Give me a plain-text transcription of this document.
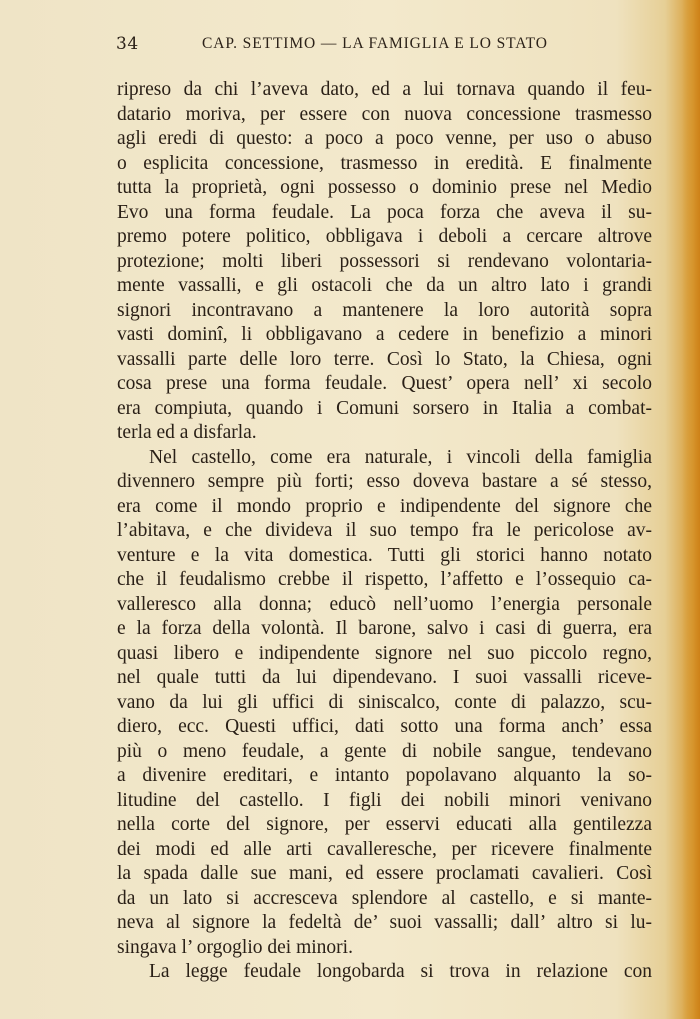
34	CAP. SETTIMO — LA FAMIGLIA E LO STATO
ripreso da chi l’aveva dato, ed a lui tornava quando il feu-
datario moriva, per essere con nuova concessione trasmesso
agli eredi di questo: a poco a poco venne, per uso o abuso
o esplicita concessione, trasmesso in eredità. E finalmente
tutta la proprietà, ogni possesso o dominio prese nel Medio
Evo una forma feudale. La poca forza che aveva il su-
premo potere politico, obbligava i deboli a cercare altrove
protezione; molti liberi possessori si rendevano volontaria-
mente vassalli, e gli ostacoli che da un altro lato i grandi
signori incontravano a mantenere la loro autorità sopra
vasti dominî, li obbligavano a cedere in benefizio a minori
vassalli parte delle loro terre. Così lo Stato, la Chiesa, ogni
cosa prese una forma feudale. Quest’ opera nell’ xi secolo
era compiuta, quando i Comuni sorsero in Italia a combat-
terla ed a disfarla.
Nel castello, come era naturale, i vincoli della famiglia
divennero sempre più forti; esso doveva bastare a sé stesso,
era come il mondo proprio e indipendente del signore che
l’abitava, e che divideva il suo tempo fra le pericolose av-
venture e la vita domestica. Tutti gli storici hanno notato
che il feudalismo crebbe il rispetto, l’affetto e l’ossequio ca-
valleresco alla donna; educò nell’uomo l’energia personale
e la forza della volontà. Il barone, salvo i casi di guerra, era
quasi libero e indipendente signore nel suo piccolo regno,
nel quale tutti da lui dipendevano. I suoi vassalli riceve-
vano da lui gli uffici di siniscalco, conte di palazzo, scu-
diero, ecc. Questi uffici, dati sotto una forma anch’ essa
più o meno feudale, a gente di nobile sangue, tendevano
a divenire ereditari, e intanto popolavano alquanto la so-
litudine del castello. I figli dei nobili minori venivano
nella corte del signore, per esservi educati alla gentilezza
dei modi ed alle arti cavalleresche, per ricevere finalmente
la spada dalle sue mani, ed essere proclamati cavalieri. Così
da un lato si accresceva splendore al castello, e si mante-
neva al signore la fedeltà de’ suoi vassalli; dall’ altro si lu-
singava l’ orgoglio dei minori.
La legge feudale longobarda si trova in relazione con
